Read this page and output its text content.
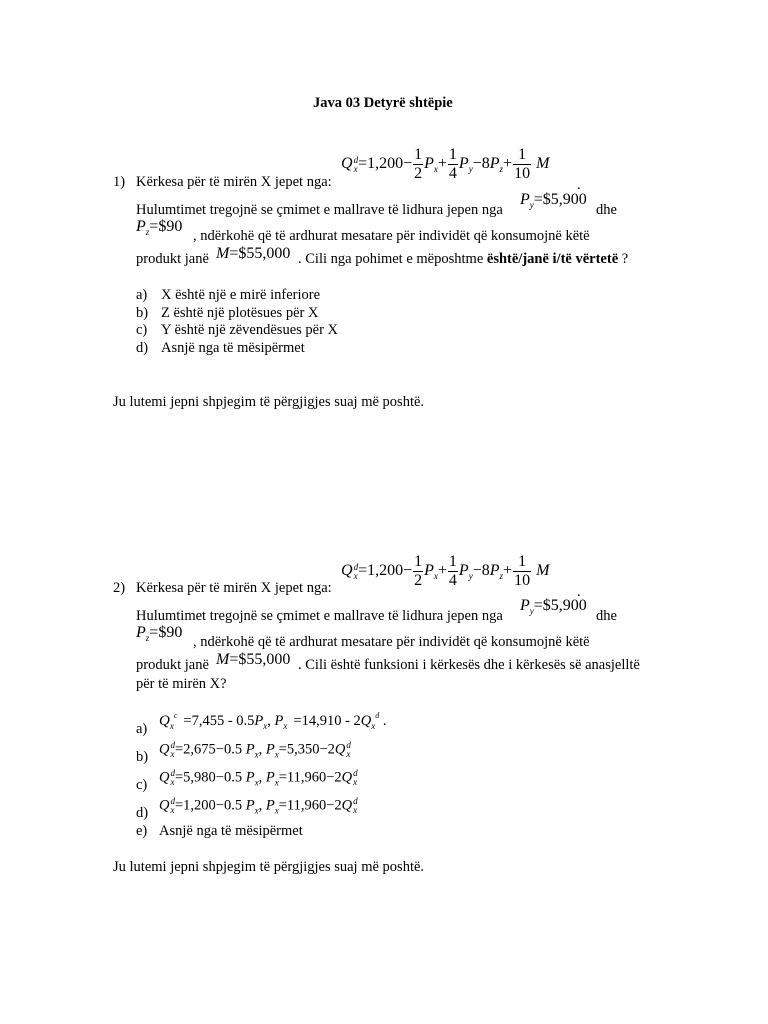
Java 03 Detyrë shtëpie
Q d
$x =1,200- \frac{1}{2} P_x+ \frac{1}{4} P_y-8P_z+ \frac{1}{10}$ M
.
1) Kërkesa për të mirën X jepet nga:
Hulumtimet tregojnë se çmimet e mallrave të lidhura jepen nga
$P_y=\$5,900$
dhe
$P_z=\$90$
, ndërkohë që të ardhurat mesatare për individët që konsumojnë këtë
produkt janë M=$55,000 . Cili nga pohimet e mëposhtme është/janë i/të vërtetë ?
a) X është një e mirë inferiore
b) Z është një plotësues për X
c) Y është një zëvendësues për X
d) Asnjë nga të mësipërmet
Ju lutemi jepni shpjegim të përgjigjes suaj më poshtë.
Q d
$x =1,200- \frac{1}{2} P_x+ \frac{1}{4} P_y-8P_z+ \frac{1}{10}$ M
.
2) Kërkesa për të mirën X jepet nga:
Hulumtimet tregojnë se çmimet e mallrave të lidhura jepen nga
$P_y=\$5,900$
dhe
$P_z=\$90$
, ndërkohë që të ardhurat mesatare për individët që konsumojnë këtë
produkt janë M=$55,000 . Cili është funksioni i kërkesës dhe i kërkesës së anasjelltë
për të mirën X?
a) $Q_x^c =7,455 - 0.5P_x$, $P_x =14,910 - 2Q_x^d$ .
b) Q d
x =2,675−0.5 $P_x$, $P_x=5,350-2Q$ d
x
c) Q d
x =5,980−0.5 $P_x$, $P_x=11,960-2Q$ d
x
d) Q d
x =1,200−0.5 $P_x$, $P_x=11,960-2Q$ d
x
e) Asnjë nga të mësipërmet
Ju lutemi jepni shpjegim të përgjigjes suaj më poshtë.
